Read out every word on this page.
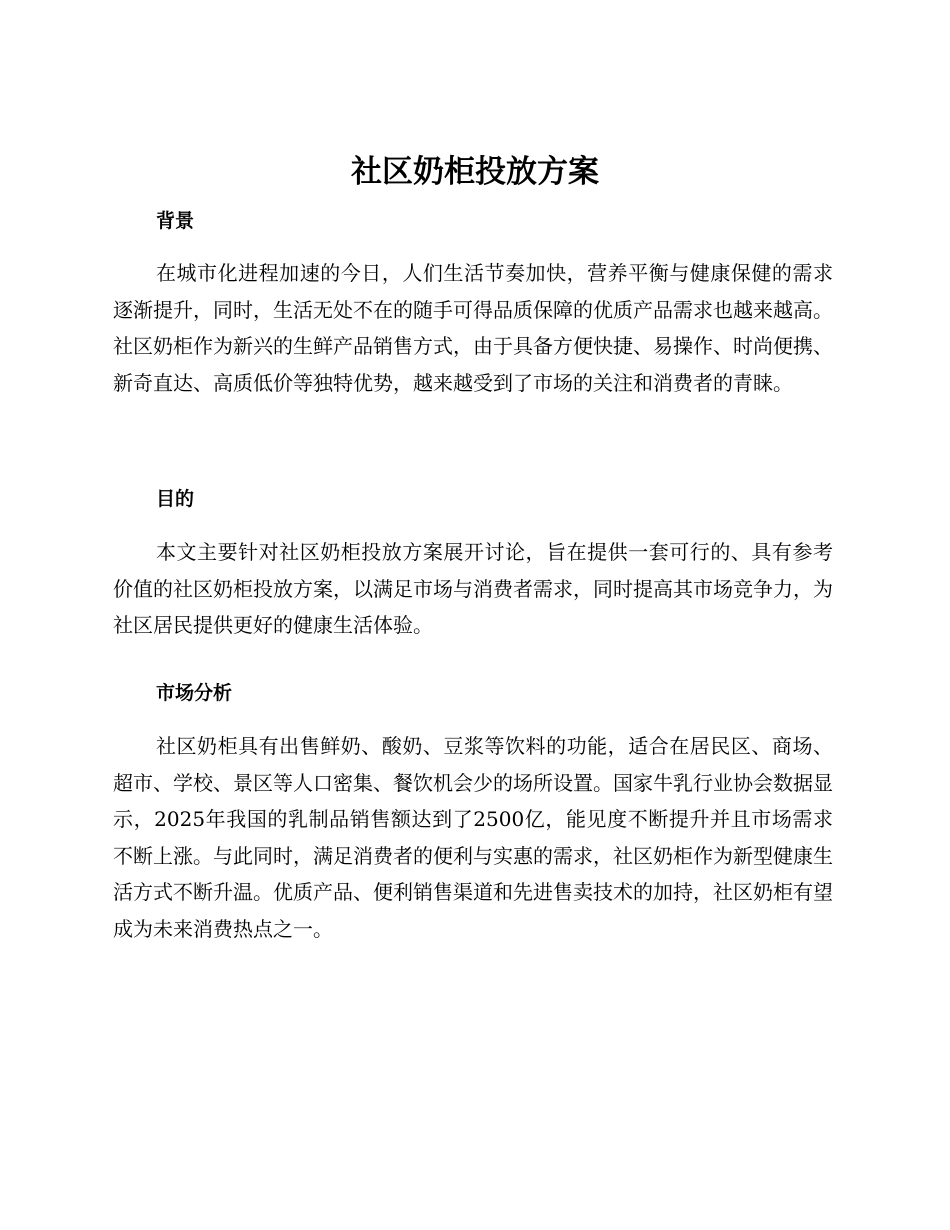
社区奶柜投放方案
背景

在城市化进程加速的今日，人们生活节奏加快，营养平衡与健康保健的需求逐渐提升，同时，生活无处不在的随手可得品质保障的优质产品需求也越来越高。社区奶柜作为新兴的生鲜产品销售方式，由于具备方便快捷、易操作、时尚便携、新奇直达、高质低价等独特优势，越来越受到了市场的关注和消费者的青睐。

目的

本文主要针对社区奶柜投放方案展开讨论，旨在提供一套可行的、具有参考价值的社区奶柜投放方案，以满足市场与消费者需求，同时提高其市场竞争力，为社区居民提供更好的健康生活体验。

市场分析

社区奶柜具有出售鲜奶、酸奶、豆浆等饮料的功能，适合在居民区、商场、超市、学校、景区等人口密集、餐饮机会少的场所设置。国家牛乳行业协会数据显示，2025年我国的乳制品销售额达到了2500亿，能见度不断提升并且市场需求不断上涨。与此同时，满足消费者的便利与实惠的需求，社区奶柜作为新型健康生活方式不断升温。优质产品、便利销售渠道和先进售卖技术的加持，社区奶柜有望成为未来消费热点之一。
